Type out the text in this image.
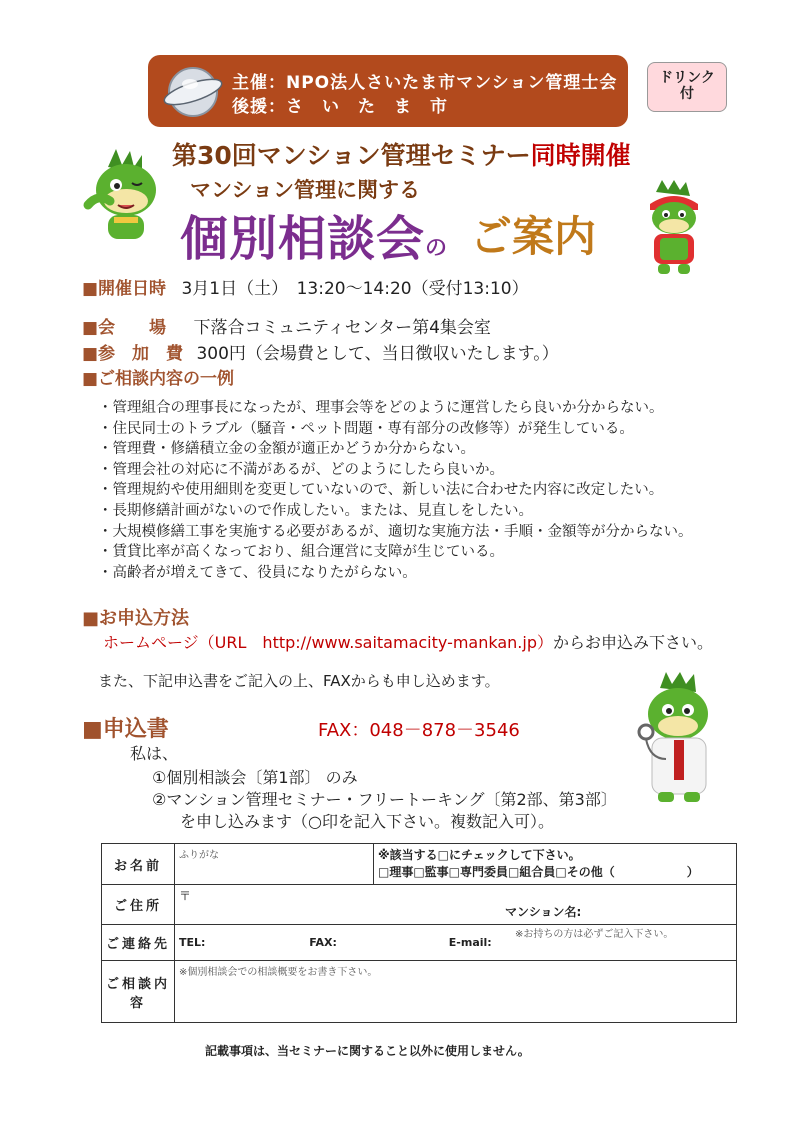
主催：NPO法人さいたま市マンション管理士会
後援：さ　い　た　ま　市
ドリンク
付
第30回マンション管理セミナー同時開催
マンション管理に関する
個別相談会の ご案内
■開催日時 3月1日（土）　13:20～14:20（受付13:10）
■会　　場 下落合コミュニティセンター第4集会室
■参　加　費 300円（会場費として、当日徴収いたします。）
■ご相談内容の一例
・管理組合の理事長になったが、理事会等をどのように運営したら良いか分からない。
・住民同士のトラブル（騒音・ペット問題・専有部分の改修等）が発生している。
・管理費・修繕積立金の金額が適正かどうか分からない。
・管理会社の対応に不満があるが、どのようにしたら良いか。
・管理規約や使用細則を変更していないので、新しい法に合わせた内容に改定したい。
・長期修繕計画がないので作成したい。または、見直しをしたい。
・大規模修繕工事を実施する必要があるが、適切な実施方法・手順・金額等が分からない。
・賃貸比率が高くなっており、組合運営に支障が生じている。
・高齢者が増えてきて、役員になりたがらない。
■お申込方法
ホームページ（URL　http://www.saitamacity-mankan.jp）からお申込み下さい。
また、下記申込書をご記入の上、FAXからも申し込めます。
■申込書	FAX：048－878－3546
私は、
①個別相談会〔第1部〕 のみ
②マンション管理セミナー・フリートーキング〔第2部、第3部〕
を申し込みます（○印を記入下さい。複数記入可）。
お名前	ふりがな	※該当する□にチェックして下さい。
□理事□監事□専門委員□組合員□その他（　　　　　　）

ご住所	〒
マンション名:
※お持ちの方は必ずご記入下さい。	

ご連絡先	TEL: FAX: E-mail:	
ご相談内容	※個別相談会での相談概要をお書き下さい。	
記載事項は、当セミナーに関すること以外に使用しません。
